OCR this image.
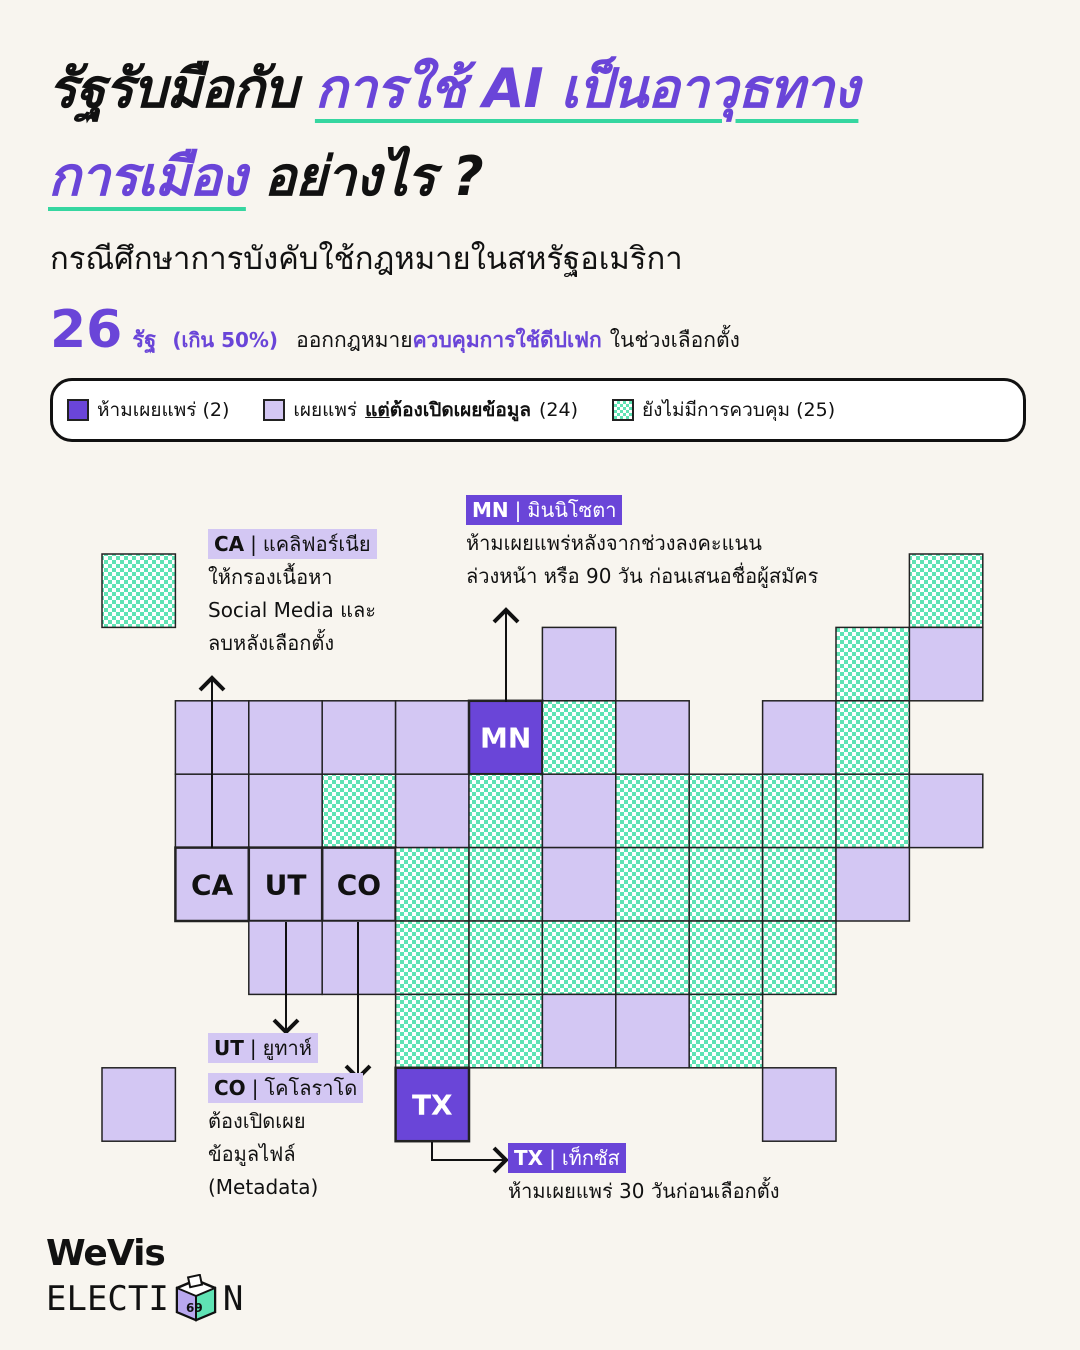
รัฐรับมือกับ การใช้ AI เป็นอาวุธทาง
การเมือง อย่างไร ?
กรณีศึกษาการบังคับใช้กฎหมายในสหรัฐอเมริกา
26 รัฐ (เกิน 50%) ออกกฎหมาย ควบคุมการใช้ดีปเฟก ในช่วงเลือกตั้ง
ห้ามเผยแพร่ (2)	เผยแพร่ แต่ ต้องเปิดเผยข้อมูล (24)	ยังไม่มีการควบคุม (25)
MN
CA UT CO
TX
CA | แคลิฟอร์เนีย
ให้กรองเนื้อหา
Social Media และ
ลบหลังเลือกตั้ง
MN | มินนิโซตา
ห้ามเผยแพร่หลังจากช่วงลงคะแนน
ล่วงหน้า หรือ 90 วัน ก่อนเสนอชื่อผู้สมัคร
UT | ยูทาห์
CO | โคโลราโด
ต้องเปิดเผย
ข้อมูลไฟล์
(Metadata)
TX | เท็กซัส
ห้ามเผยแพร่ 30 วันก่อนเลือกตั้ง
WeVis
ELECTI 69 N
